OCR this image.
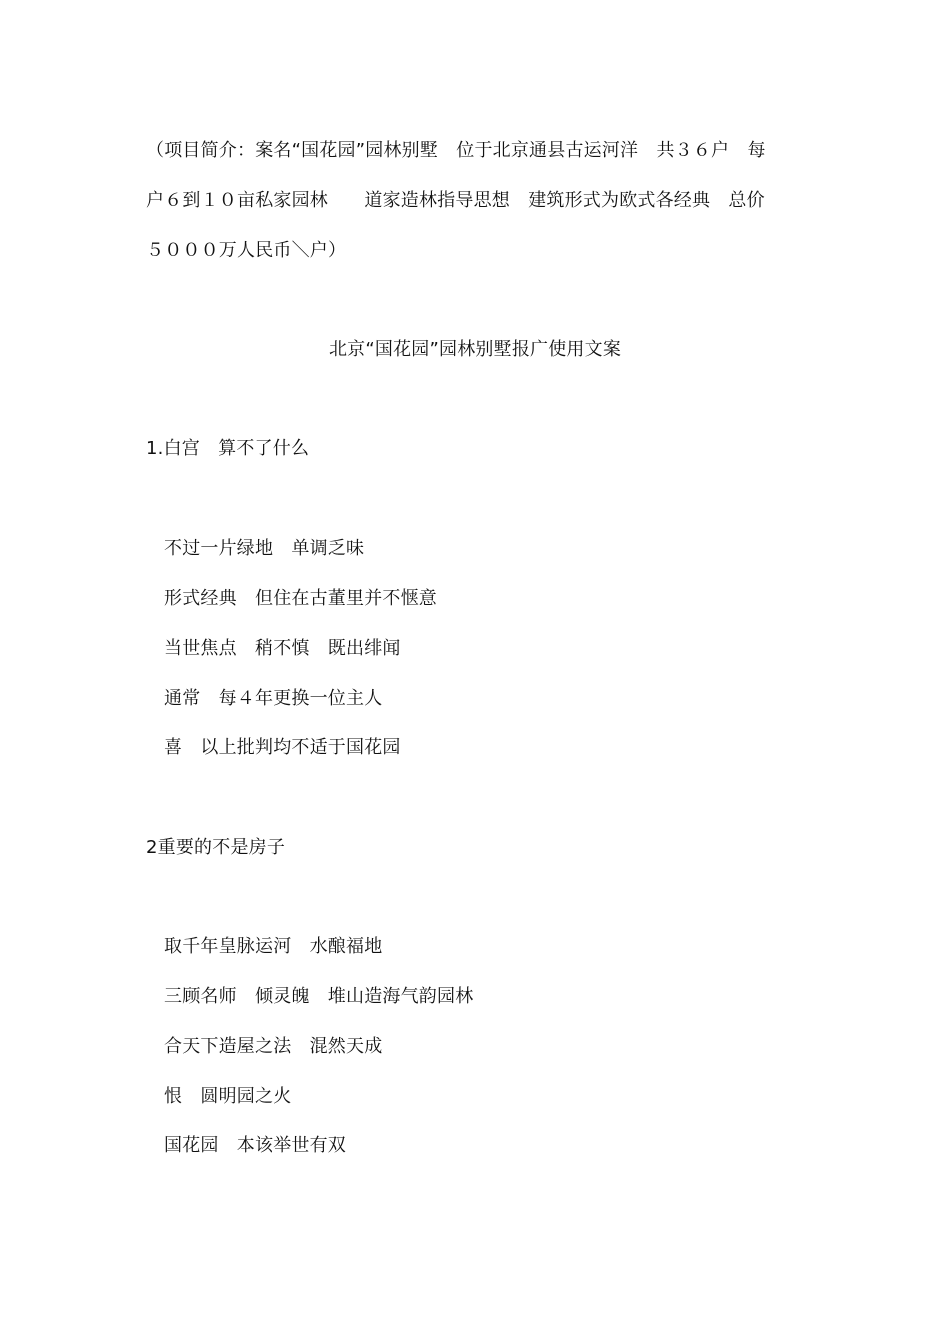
（项目简介：案名“国花园”园林别墅　位于北京通县古运河洋　共３６户　每
户６到１０亩私家园林　　道家造林指导思想　建筑形式为欧式各经典　总价
５０００万人民币＼户）
北京“国花园”园林别墅报广使用文案
1.白宫　算不了什么
不过一片绿地　单调乏味
形式经典　但住在古董里并不惬意
当世焦点　稍不慎　既出绯闻
通常　每４年更换一位主人
喜　以上批判均不适于国花园
2重要的不是房子
取千年皇脉运河　水酿福地
三顾名师　倾灵魄　堆山造海气韵园林
合天下造屋之法　混然天成
恨　圆明园之火
国花园　本该举世有双
